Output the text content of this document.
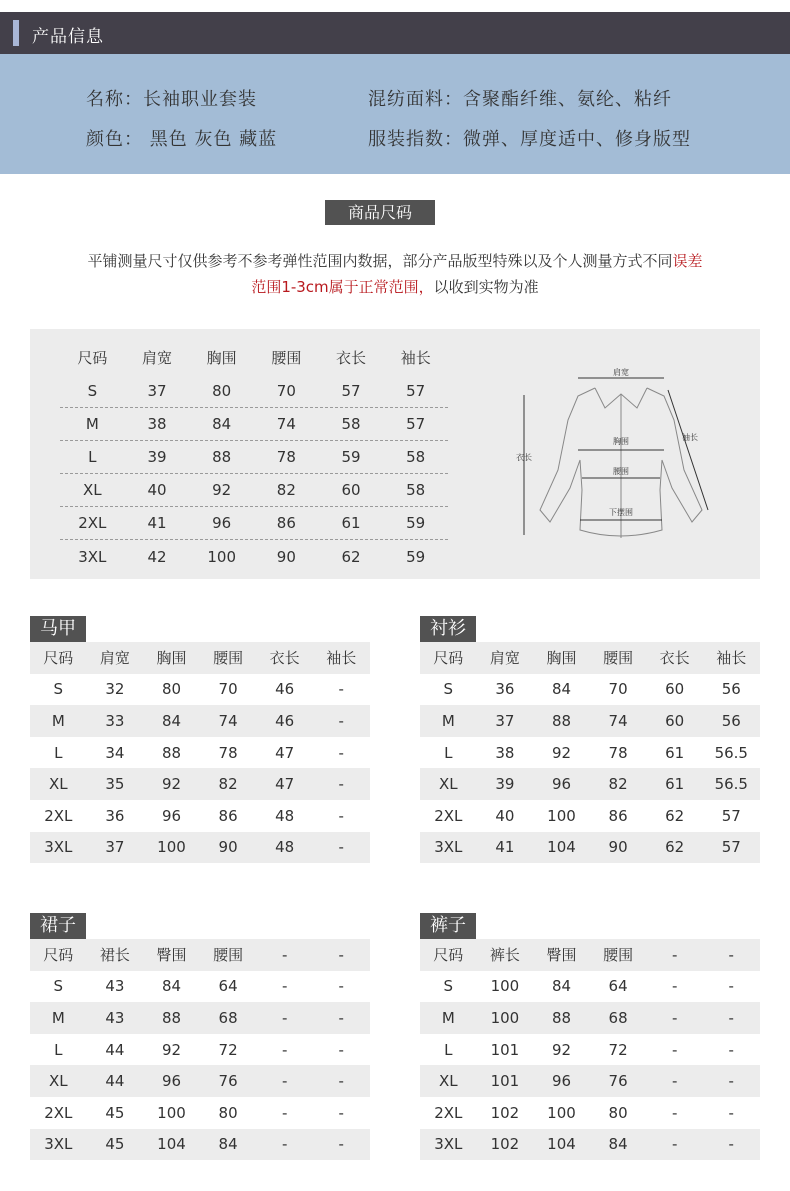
产品信息
名称：长袖职业套装	混纺面料：含聚酯纤维、氨纶、粘纤
颜色： 黑色 灰色 藏蓝	服装指数：微弹、厚度适中、修身版型
商品尺码
平铺测量尺寸仅供参考不参考弹性范围内数据，部分产品版型特殊以及个人测量方式不同误差
范围1-3cm属于正常范围，以收到实物为准
尺码	肩宽	胸围	腰围	衣长	袖长
S	37	80	70	57	57
M	38	84	74	58	57
L	39	88	78	59	58
XL	40	92	82	60	58
2XL	41	96	86	61	59
3XL	42	100	90	62	59
肩宽
胸围
腰围
下摆围
衣长
袖长
马甲
尺码	肩宽	胸围	腰围	衣长	袖长
S	32	80	70	46	-
M	33	84	74	46	-
L	34	88	78	47	-
XL	35	92	82	47	-
2XL	36	96	86	48	-
3XL	37	100	90	48	-
衬衫
尺码	肩宽	胸围	腰围	衣长	袖长
S	36	84	70	60	56
M	37	88	74	60	56
L	38	92	78	61	56.5
XL	39	96	82	61	56.5
2XL	40	100	86	62	57
3XL	41	104	90	62	57
裙子
尺码	裙长	臀围	腰围	-	-
S	43	84	64	-	-
M	43	88	68	-	-
L	44	92	72	-	-
XL	44	96	76	-	-
2XL	45	100	80	-	-
3XL	45	104	84	-	-
裤子
尺码	裤长	臀围	腰围	-	-
S	100	84	64	-	-
M	100	88	68	-	-
L	101	92	72	-	-
XL	101	96	76	-	-
2XL	102	100	80	-	-
3XL	102	104	84	-	-
